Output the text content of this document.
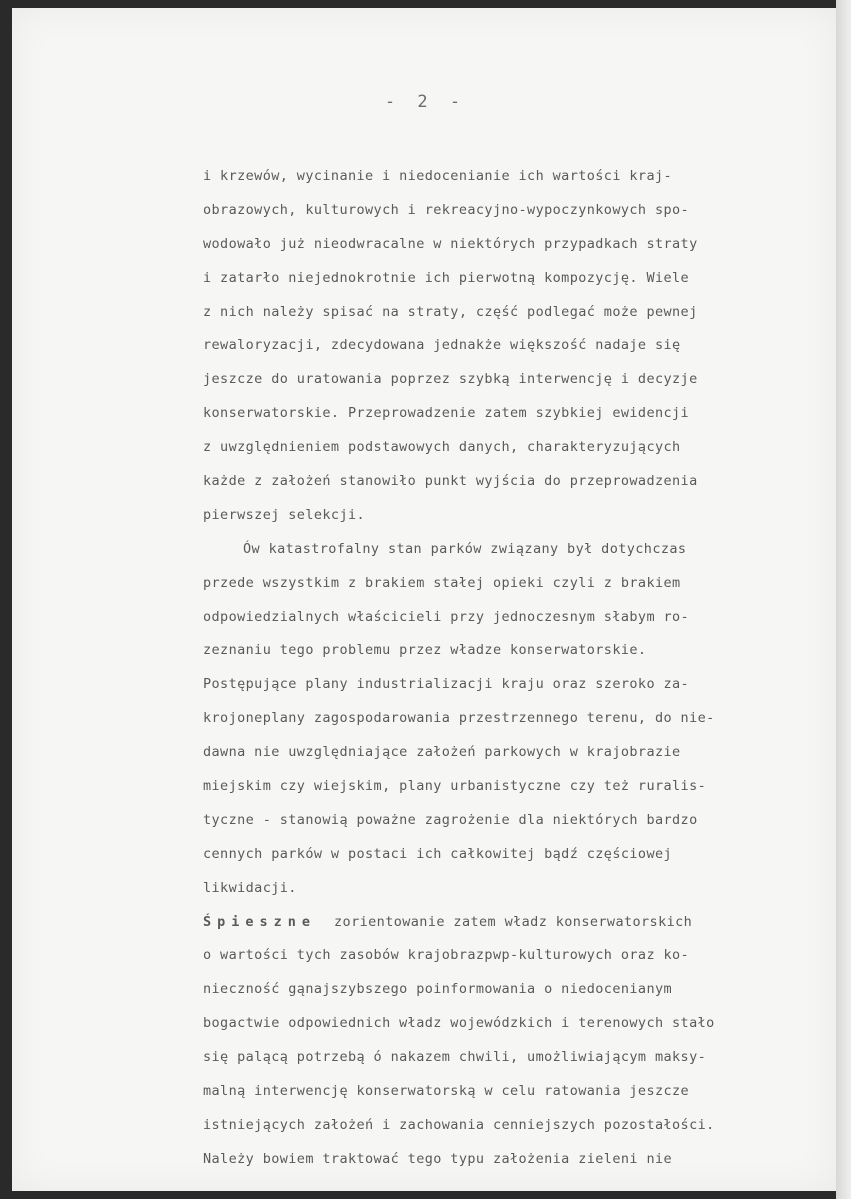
- 2 -
i krzewów, wycinanie i niedocenianie ich wartości kraj-
obrazowych, kulturowych i rekreacyjno-wypoczynkowych spo-
wodowało już nieodwracalne w niektórych przypadkach straty
i zatarło niejednokrotnie ich pierwotną kompozycję. Wiele
z nich należy spisać na straty, część podlegać może pewnej
rewaloryzacji, zdecydowana jednakże większość nadaje się
jeszcze do uratowania poprzez szybką interwencję i decyzje
konserwatorskie. Przeprowadzenie zatem szybkiej ewidencji
z uwzględnieniem podstawowych danych, charakteryzujących
każde z założeń stanowiło punkt wyjścia do przeprowadzenia
pierwszej selekcji.
Ów katastrofalny stan parków związany był dotychczas
przede wszystkim z brakiem stałej opieki czyli z brakiem
odpowiedzialnych właścicieli przy jednoczesnym słabym ro-
zeznaniu tego problemu przez władze konserwatorskie.
Postępujące plany industrializacji kraju oraz szeroko za-
krojoneplany zagospodarowania przestrzennego terenu, do nie-
dawna nie uwzględniające założeń parkowych w krajobrazie
miejskim czy wiejskim, plany urbanistyczne czy też ruralis-
tyczne - stanowią poważne zagrożenie dla niektórych bardzo
cennych parków w postaci ich całkowitej bądź częściowej
likwidacji.
Śpieszne zorientowanie zatem władz konserwatorskich
o wartości tych zasobów krajobrazpwp-kulturowych oraz ko-
nieczność gąnajszybszego poinformowania o niedocenianym
bogactwie odpowiednich władz wojewódzkich i terenowych stało
się palącą potrzebą ó nakazem chwili, umożliwiającym maksy-
malną interwencję konserwatorską w celu ratowania jeszcze
istniejących założeń i zachowania cenniejszych pozostałości.
Należy bowiem traktować tego typu założenia zieleni nie
